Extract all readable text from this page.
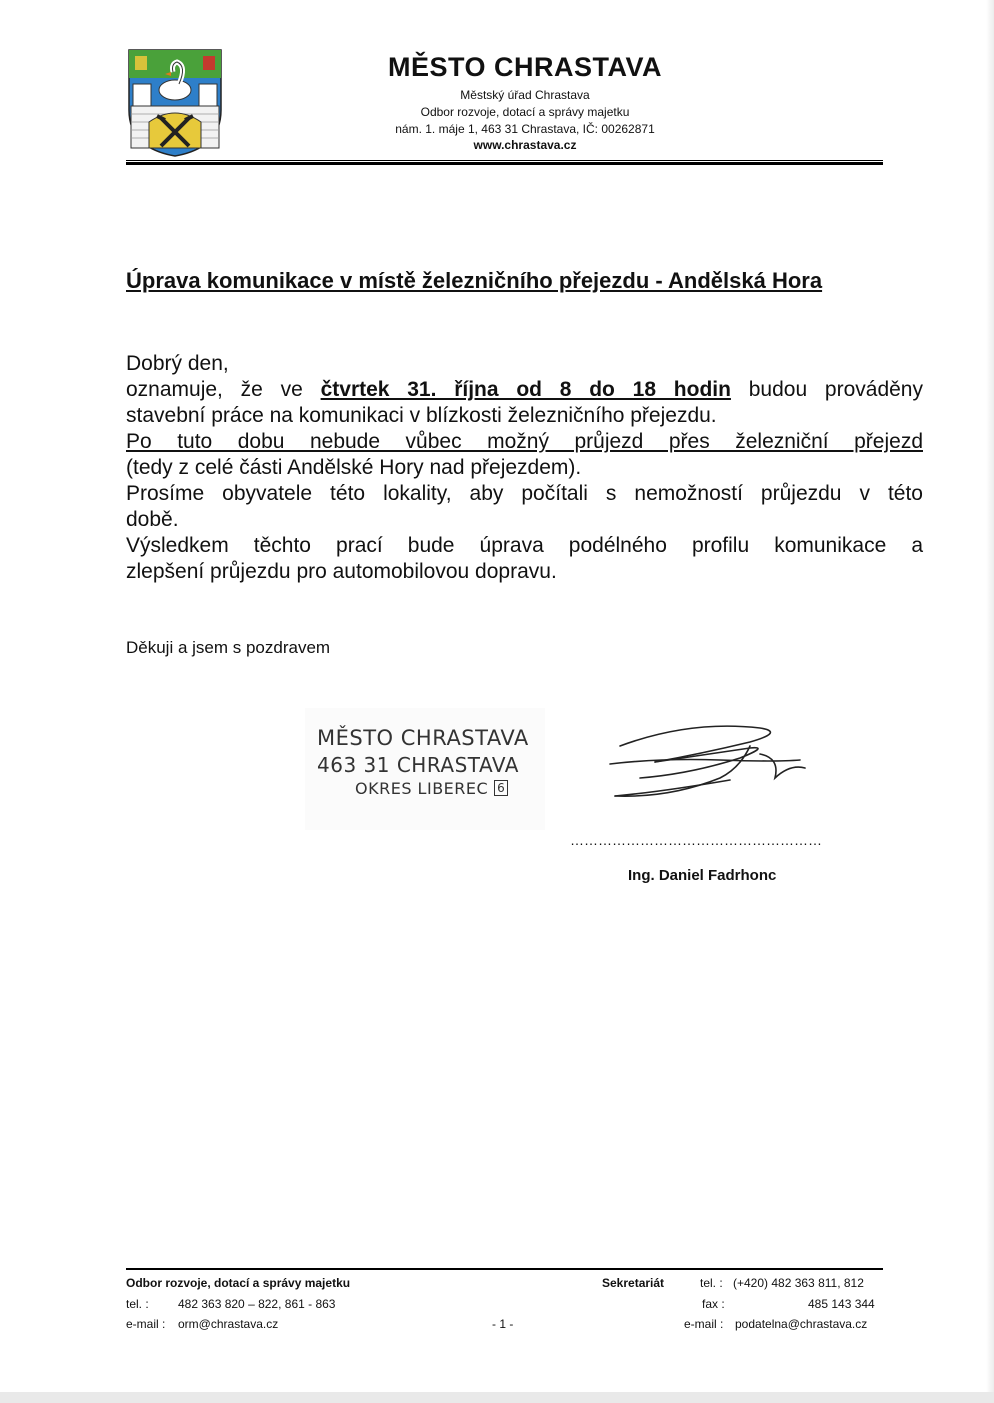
MĚSTO CHRASTAVA
Městský úřad Chrastava
Odbor rozvoje, dotací a správy majetku
nám. 1. máje 1, 463 31 Chrastava, IČ: 00262871
www.chrastava.cz
Úprava komunikace v místě železničního přejezdu - Andělská Hora
Dobrý den,
oznamuje, že ve čtvrtek 31. října od 8 do 18 hodin budou prováděny
stavební práce na komunikaci v blízkosti železničního přejezdu.
Po tuto dobu nebude vůbec možný průjezd přes železniční přejezd
(tedy z celé části Andělské Hory nad přejezdem).
Prosíme obyvatele této lokality, aby počítali s nemožností průjezdu v této
době.
Výsledkem těchto prací bude úprava podélného profilu komunikace a
zlepšení průjezdu pro automobilovou dopravu.
Děkuji a jsem s pozdravem
MĚSTO CHRASTAVA
463 31 CHRASTAVA
OKRES LIBEREC 6
………………………………………………
Ing. Daniel Fadrhonc
Odbor rozvoje, dotací a správy majetku
tel. : 482 363 820 – 822, 861 - 863
e-mail : orm@chrastava.cz	- 1 -
Sekretariát	tel. : (+420) 482 363 811, 812
fax :	485 143 344
e-mail : podatelna@chrastava.cz
